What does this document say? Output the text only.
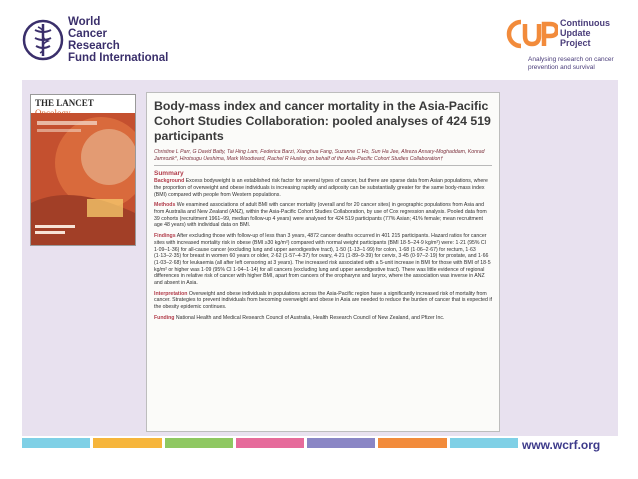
World
Cancer
Research
Fund International
Continuous
Update
Project
Analysing research on cancer prevention and survival
THE LANCET	Body-mass index and cancer mortality in the Asia-Pacific Cohort Studies Collaboration: pooled analyses of 424 519 participants
Christine L Parr, G David Batty, Tai Hing Lam, Federica Barzi, Xianghua Fang, Suzanne C Ho, Sun Ha Jee, Alireza Ansary-Moghaddam, Konrad Jamrozik*, Hirotsugu Ueshima, Mark Woodward, Rachel R Huxley, on behalf of the Asia-Pacific Cohort Studies Collaboration†
Summary
Background Excess bodyweight is an established risk factor for several types of cancer, but there are sparse data from Asian populations, where the proportion of overweight and obese individuals is increasing rapidly and adiposity can be substantially greater for the same body-mass index (BMI) compared with people from Western populations.
Methods We examined associations of adult BMI with cancer mortality (overall and for 20 cancer sites) in geographic populations from Asia and from Australia and New Zealand (ANZ), within the Asia-Pacific Cohort Studies Collaboration, by use of Cox regression analysis. Pooled data from 39 cohorts (recruitment 1961–99, median follow-up 4 years) were analysed for 424 519 participants (77% Asian; 41% female; mean recruitment age 48 years) with individual data on BMI.
Findings After excluding those with follow-up of less than 3 years, 4872 cancer deaths occurred in 401 215 participants. Hazard ratios for cancer sites with increased mortality risk in obese (BMI ≥30 kg/m²) compared with normal weight participants (BMI 18·5–24·9 kg/m²) were: 1·21 (95% CI 1·09–1·36) for all-cause cancer (excluding lung and upper aerodigestive tract), 1·50 (1·13–1·99) for colon, 1·68 (1·06–2·67) for rectum, 1·63 (1·13–2·35) for breast in women 60 years or older, 2·62 (1·57–4·37) for ovary, 4·21 (1·89–9·39) for cervix, 3·45 (0·97–2·19) for prostate, and 1·66 (1·03–2·68) for leukaemia (all after left censoring at 3 years). The increased risk associated with a 5-unit increase in BMI for those with BMI of 18·5 kg/m² or higher was 1·09 (95% CI 1·04–1·14) for all cancers (excluding lung and upper aerodigestive tract). There was little evidence of regional differences in relative risk of cancer with higher BMI, apart from cancers of the oropharynx and larynx, where the association was inverse in ANZ and absent in Asia.
Interpretation Overweight and obese individuals in populations across the Asia-Pacific region have a significantly increased risk of mortality from cancer. Strategies to prevent individuals from becoming overweight and obese in Asia are needed to reduce the burden of cancer that is expected if the obesity epidemic continues.
Funding National Health and Medical Research Council of Australia, Health Research Council of New Zealand, and Pfizer Inc.
www.wcrf.org
